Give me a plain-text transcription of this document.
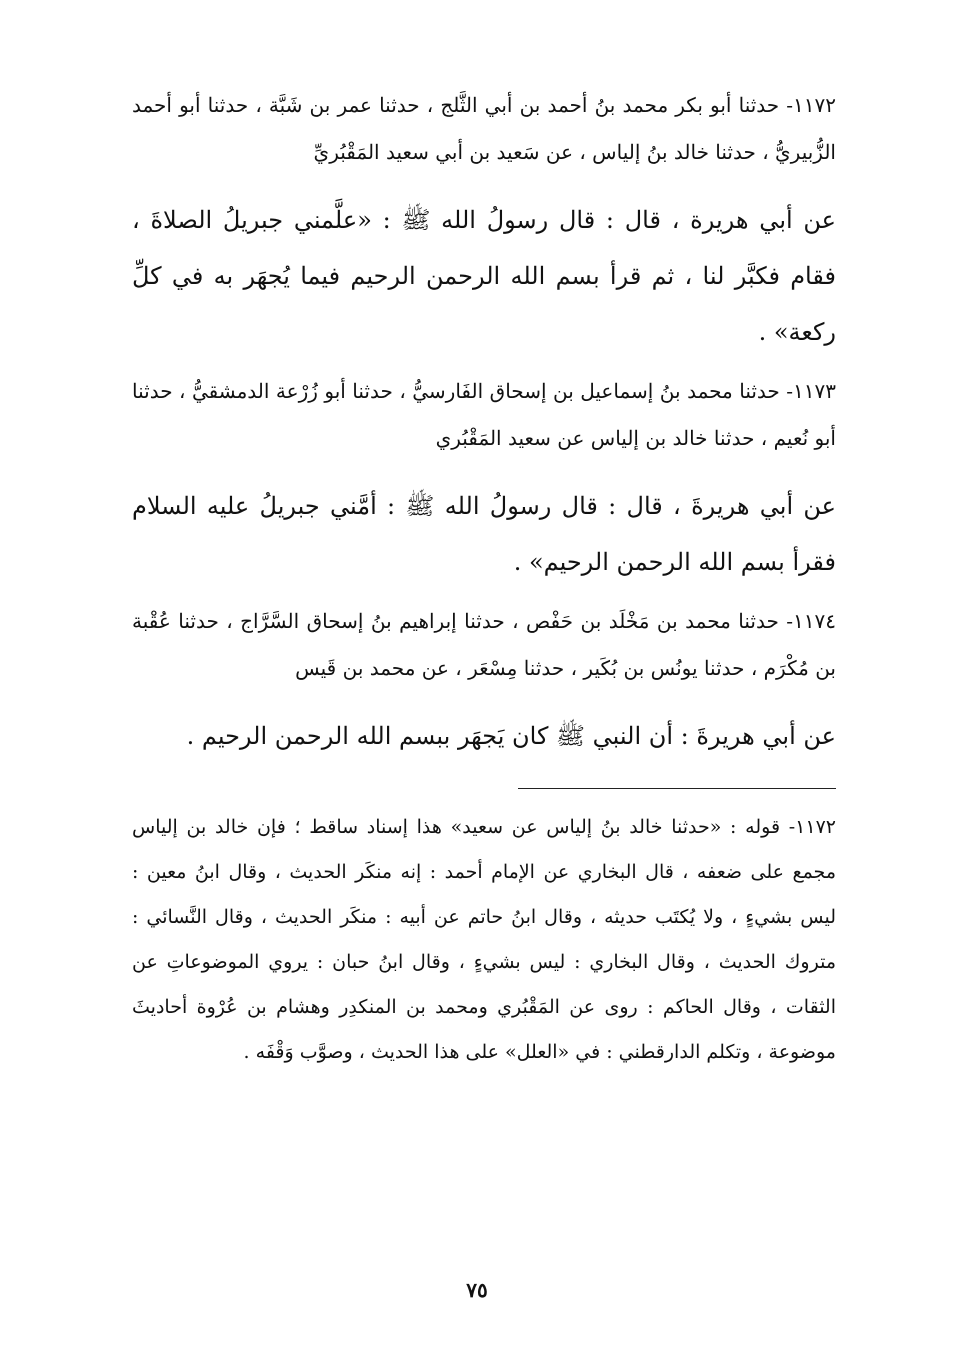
١١٧٢- حدثنا أبو بكر محمد بنُ أحمد بن أبي الثَّلج ، حدثنا عمر بن شَبَّة ، حدثنا أبو أحمد الزُّبيريُّ ، حدثنا خالد بنُ إلياس ، عن سَعيد بن أبي سعيد المَقْبُريِّ

عن أبي هريرة ، قال : قال رسولُ الله ﷺ : «علَّمني جبريلُ الصلاةَ ، فقام فكبَّر لنا ، ثم قرأ بسم الله الرحمن الرحيم فيما يُجهَر به في كلِّ ركعة» .

١١٧٣- حدثنا محمد بنُ إسماعيل بن إسحاق الفَارسيُّ ، حدثنا أبو زُرْعة الدمشقيُّ ، حدثنا أبو نُعيم ، حدثنا خالد بن إلياس عن سعيد المَقْبُري

عن أبي هريرةَ ، قال : قال رسولُ الله ﷺ : أمَّني جبريلُ عليه السلام فقرأ بسم الله الرحمن الرحيم» .

١١٧٤- حدثنا محمد بن مَخْلَد بن حَفْص ، حدثنا إبراهيم بنُ إسحاق السَّرَّاج ، حدثنا عُقْبة بن مُكْرَم ، حدثنا يونُس بن بُكَير ، حدثنا مِسْعَر ، عن محمد بن قَيس

عن أبي هريرةَ : أن النبي ﷺ كان يَجهَر ببسم الله الرحمن الرحيم .

١١٧٢- قوله : «حدثنا خالد بنُ إلياس عن سعيد» هذا إسناد ساقط ؛ فإن خالد بن إلياس مجمع على ضعفه ، قال البخاري عن الإمام أحمد : إنه منكَر الحديث ، وقال ابنُ معين : ليس بشيءٍ ، ولا يُكتَب حديثه ، وقال ابنُ حاتم عن أبيه : منكَر الحديث ، وقال النَّسائي : متروك الحديث ، وقال البخاري : ليس بشيءٍ ، وقال ابنُ حبان : يروي الموضوعاتِ عن الثقات ، وقال الحاكم : روى عن المَقْبُري ومحمد بن المنكدِر وهشام بن عُرْوة أحاديثَ موضوعة ، وتكلم الدارقطني : في «العلل» على هذا الحديث ، وصوَّب وَقْفَه .

٧٥
